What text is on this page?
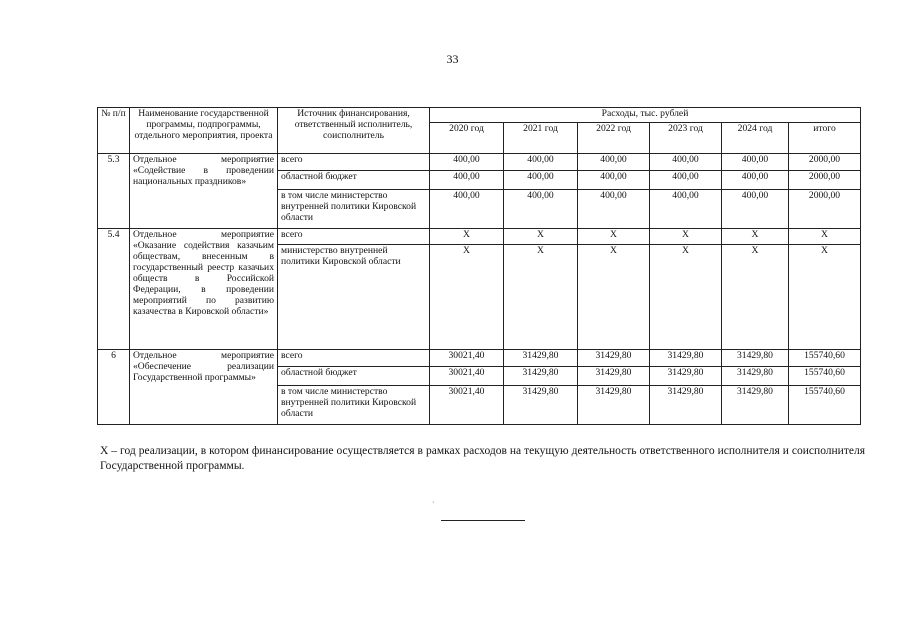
33
№ п/п	Наименование государственной программы, подпрограммы, отдельного мероприятия, проекта	Источник финансирования, ответственный исполнитель, соисполнитель	Расходы, тыс. рублей					
			2020 год	2021 год	2022 год	2023 год	2024 год	итого
5.3	Отдельное мероприятие «Содействие в проведении национальных праздников»	всего	400,00	400,00	400,00	400,00	400,00	2000,00
		областной бюджет	400,00	400,00	400,00	400,00	400,00	2000,00
		в том числе министерство внутренней политики Кировской области	400,00	400,00	400,00	400,00	400,00	2000,00
5.4	Отдельное мероприятие «Оказание содействия казачьим обществам, внесенным в государственный реестр казачьих обществ в Российской Федерации, в проведении мероприятий по развитию казачества в Кировской области»	всего	X	X	X	X	X	X
		министерство внутренней политики Кировской области	X	X	X	X	X	X
6	Отдельное мероприятие «Обеспечение реализации Государственной программы»	всего	30021,40	31429,80	31429,80	31429,80	31429,80	155740,60
		областной бюджет	30021,40	31429,80	31429,80	31429,80	31429,80	155740,60
		в том числе министерство внутренней политики Кировской области	30021,40	31429,80	31429,80	31429,80	31429,80	155740,60
Х – год реализации, в котором финансирование осуществляется в рамках расходов на текущую деятельность ответственного исполнителя и соисполнителя Государственной программы.
`
